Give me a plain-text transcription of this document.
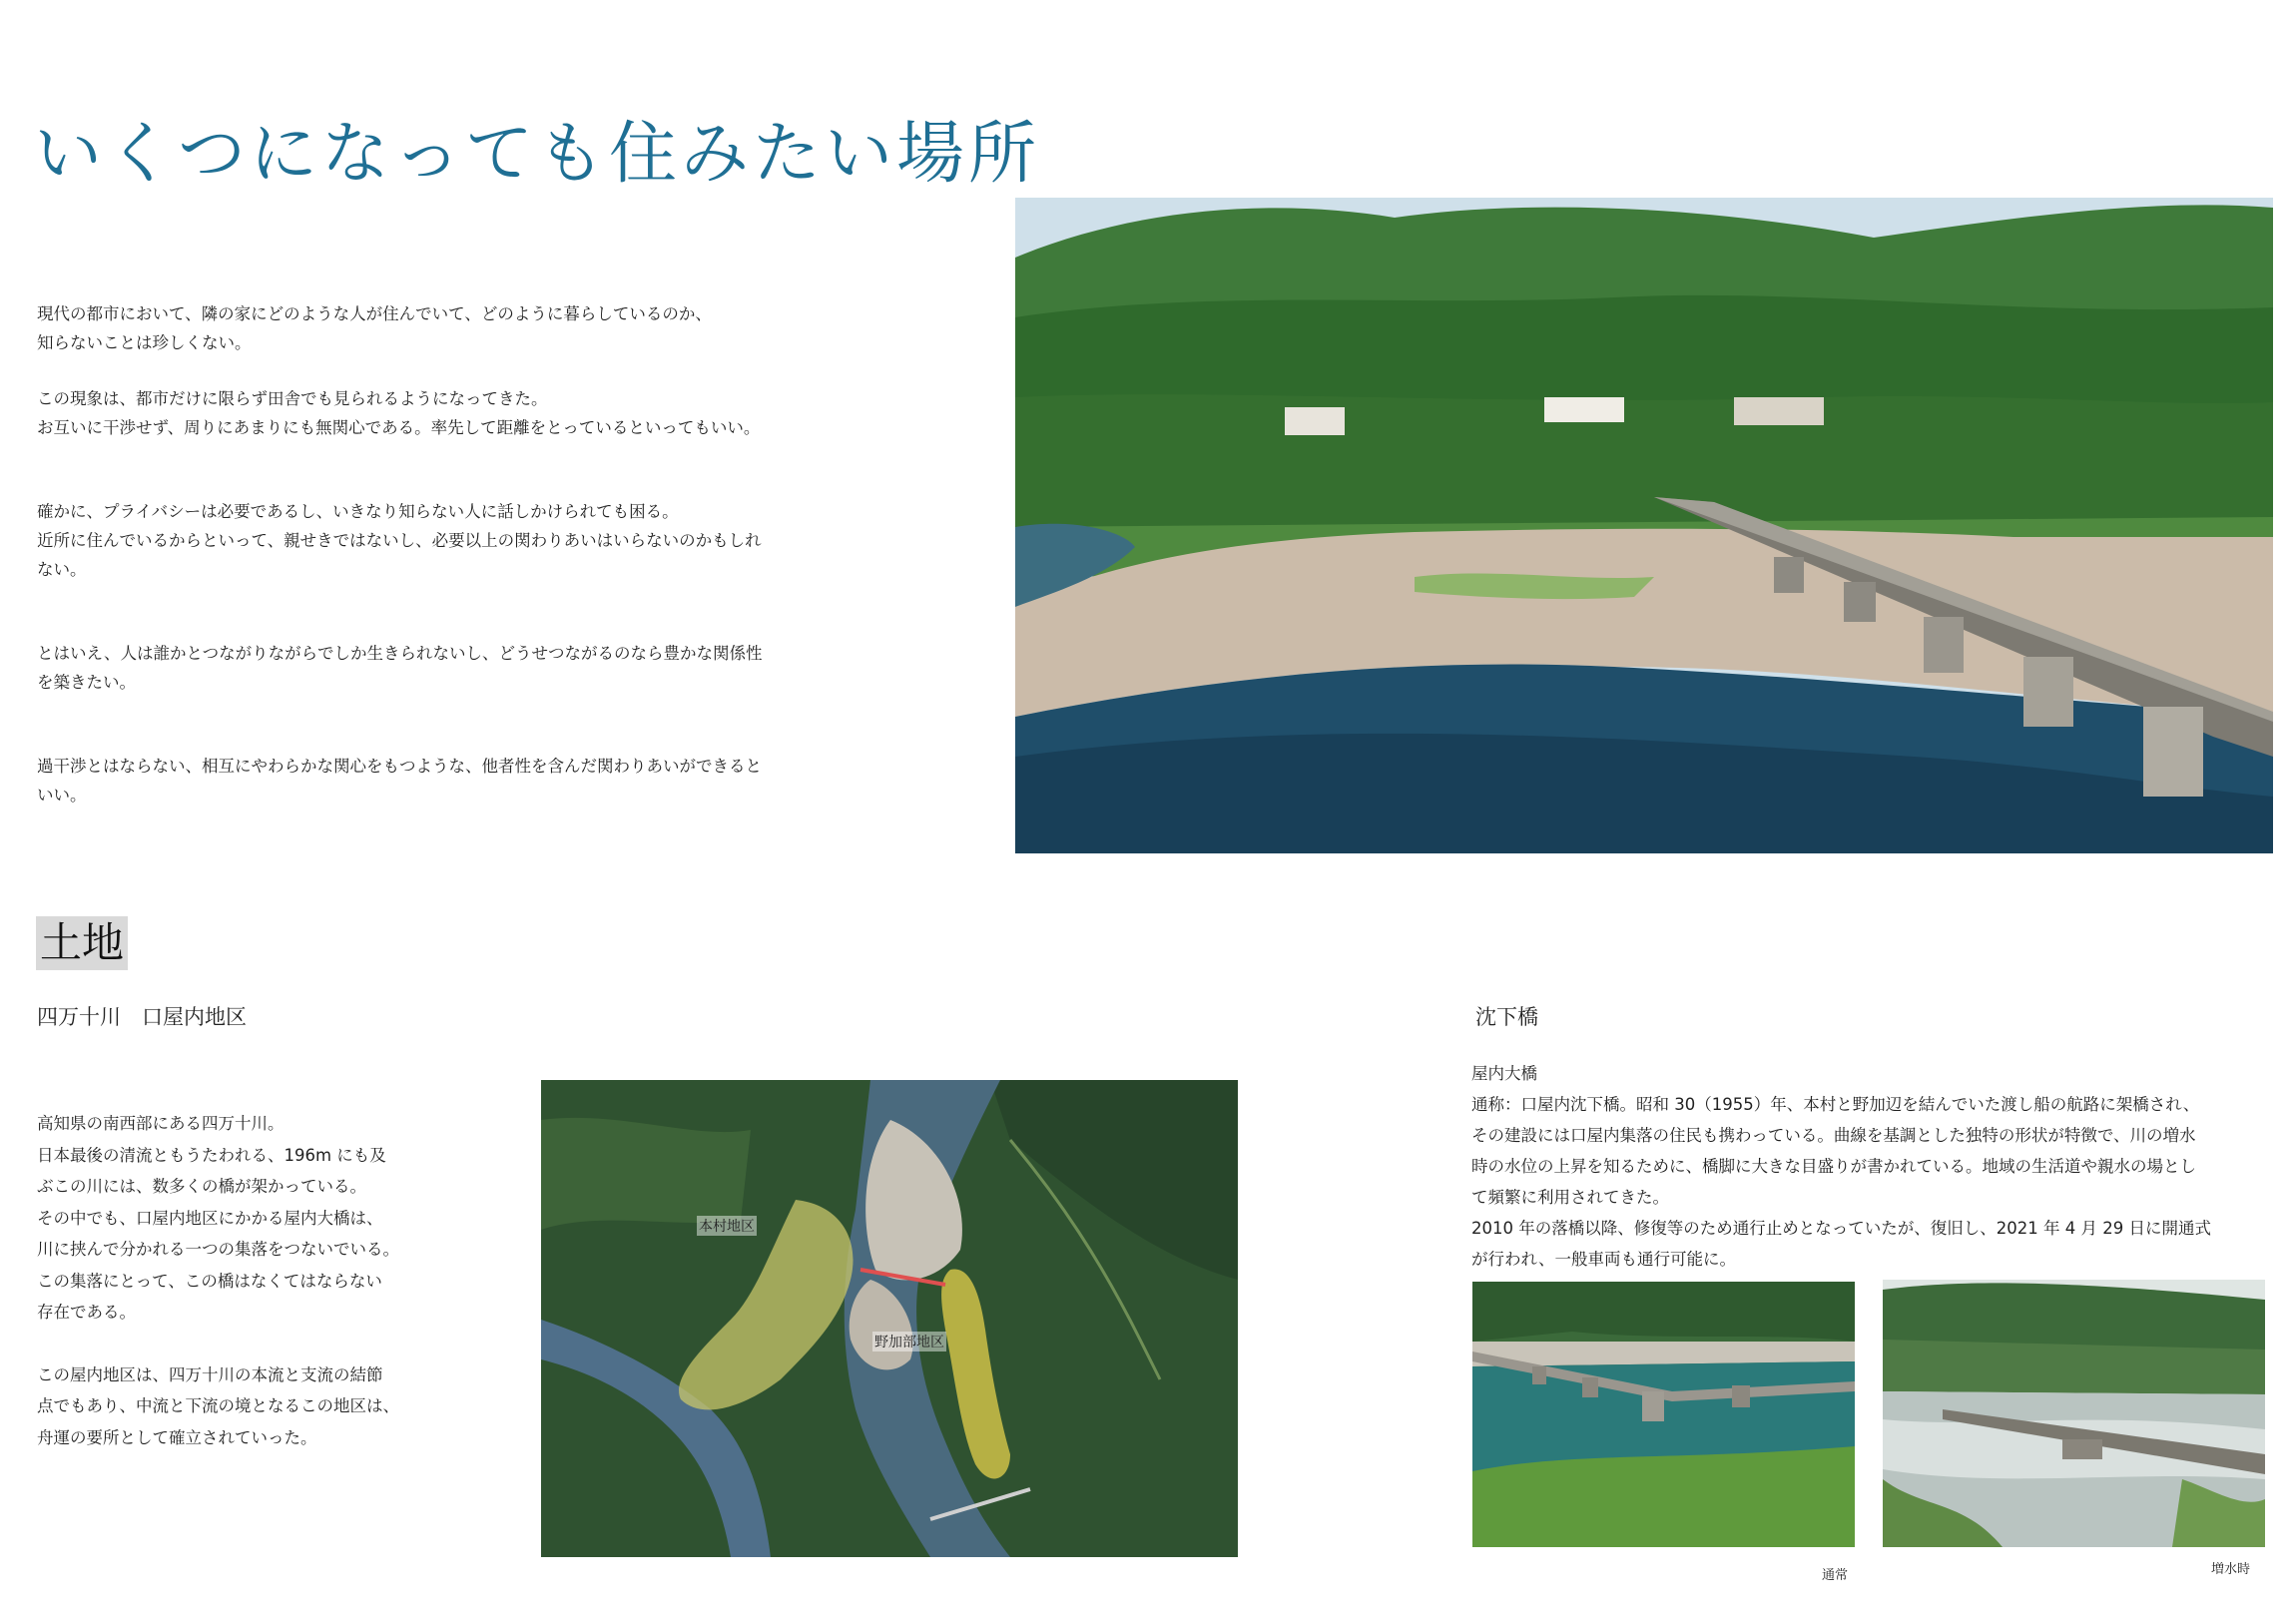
いくつになっても住みたい場所

現代の都市において、隣の家にどのような人が住んでいて、どのように暮らしているのか、
知らないことは珍しくない。

この現象は、都市だけに限らず田舎でも見られるようになってきた。
お互いに干渉せず、周りにあまりにも無関心である。率先して距離をとっているといってもいい。

確かに、プライバシーは必要であるし、いきなり知らない人に話しかけられても困る。
近所に住んでいるからといって、親せきではないし、必要以上の関わりあいはいらないのかもしれ
ない。

とはいえ、人は誰かとつながりながらでしか生きられないし、どうせつながるのなら豊かな関係性
を築きたい。

過干渉とはならない、相互にやわらかな関心をもつような、他者性を含んだ関わりあいができると
いい。

土地
四万十川　口屋内地区

高知県の南西部にある四万十川。
日本最後の清流ともうたわれる、196m にも及
ぶこの川には、数多くの橋が架かっている。
その中でも、口屋内地区にかかる屋内大橋は、
川に挟んで分かれる一つの集落をつないでいる。
この集落にとって、この橋はなくてはならない
存在である。

この屋内地区は、四万十川の本流と支流の結節
点でもあり、中流と下流の境となるこの地区は、
舟運の要所として確立されていった。

本村地区
野加部地区
沈下橋

屋内大橋

通称：口屋内沈下橋。昭和 30（1955）年、本村と野加辺を結んでいた渡し船の航路に架橋され、
その建設には口屋内集落の住民も携わっている。曲線を基調とした独特の形状が特徴で、川の増水
時の水位の上昇を知るために、橋脚に大きな目盛りが書かれている。地域の生活道や親水の場とし
て頻繁に利用されてきた。
2010 年の落橋以降、修復等のため通行止めとなっていたが、復旧し、2021 年 4 月 29 日に開通式
が行われ、一般車両も通行可能に。

通常	増水時
